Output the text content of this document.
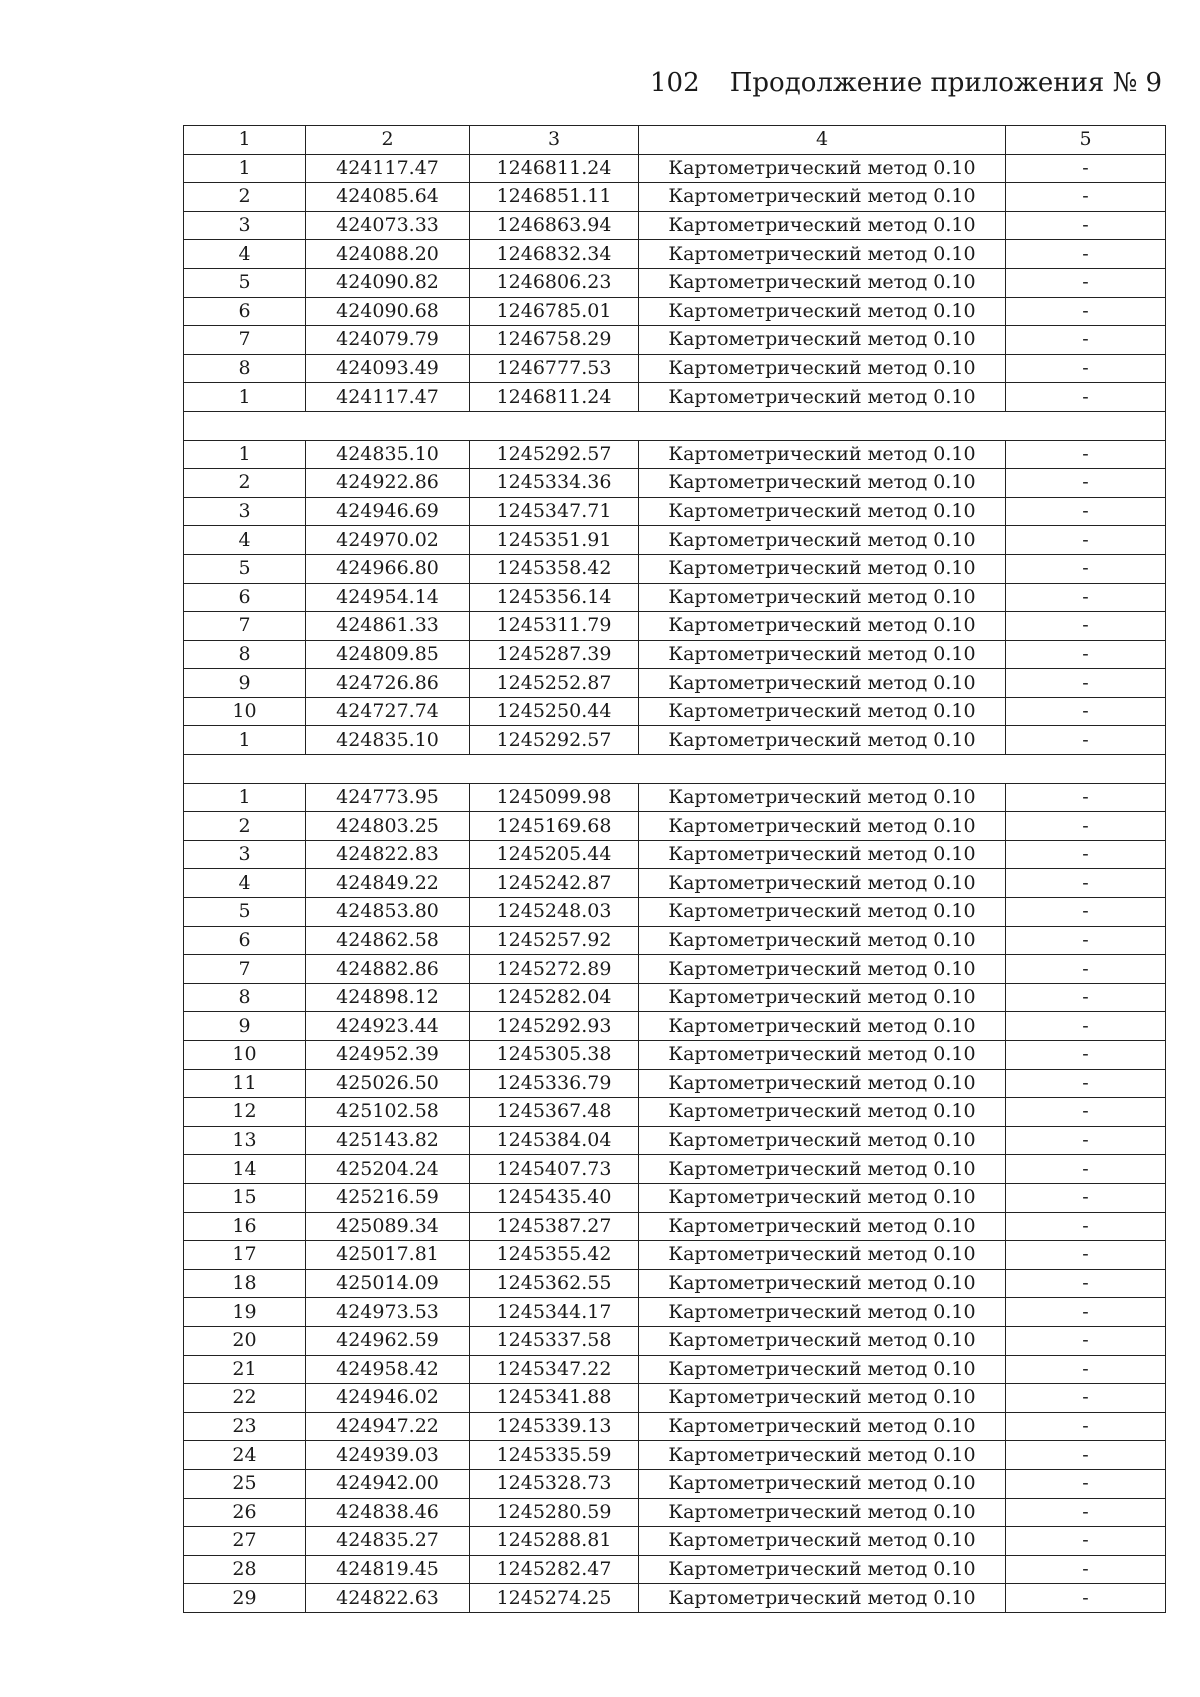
102 Продолжение приложения № 9
1	2	3	4	5
1	424117.47	1246811.24	Картометрический метод 0.10	-
2	424085.64	1246851.11	Картометрический метод 0.10	-
3	424073.33	1246863.94	Картометрический метод 0.10	-
4	424088.20	1246832.34	Картометрический метод 0.10	-
5	424090.82	1246806.23	Картометрический метод 0.10	-
6	424090.68	1246785.01	Картометрический метод 0.10	-
7	424079.79	1246758.29	Картометрический метод 0.10	-
8	424093.49	1246777.53	Картометрический метод 0.10	-
1	424117.47	1246811.24	Картометрический метод 0.10	-

1	424835.10	1245292.57	Картометрический метод 0.10	-
2	424922.86	1245334.36	Картометрический метод 0.10	-
3	424946.69	1245347.71	Картометрический метод 0.10	-
4	424970.02	1245351.91	Картометрический метод 0.10	-
5	424966.80	1245358.42	Картометрический метод 0.10	-
6	424954.14	1245356.14	Картометрический метод 0.10	-
7	424861.33	1245311.79	Картометрический метод 0.10	-
8	424809.85	1245287.39	Картометрический метод 0.10	-
9	424726.86	1245252.87	Картометрический метод 0.10	-
10	424727.74	1245250.44	Картометрический метод 0.10	-
1	424835.10	1245292.57	Картометрический метод 0.10	-

1	424773.95	1245099.98	Картометрический метод 0.10	-
2	424803.25	1245169.68	Картометрический метод 0.10	-
3	424822.83	1245205.44	Картометрический метод 0.10	-
4	424849.22	1245242.87	Картометрический метод 0.10	-
5	424853.80	1245248.03	Картометрический метод 0.10	-
6	424862.58	1245257.92	Картометрический метод 0.10	-
7	424882.86	1245272.89	Картометрический метод 0.10	-
8	424898.12	1245282.04	Картометрический метод 0.10	-
9	424923.44	1245292.93	Картометрический метод 0.10	-
10	424952.39	1245305.38	Картометрический метод 0.10	-
11	425026.50	1245336.79	Картометрический метод 0.10	-
12	425102.58	1245367.48	Картометрический метод 0.10	-
13	425143.82	1245384.04	Картометрический метод 0.10	-
14	425204.24	1245407.73	Картометрический метод 0.10	-
15	425216.59	1245435.40	Картометрический метод 0.10	-
16	425089.34	1245387.27	Картометрический метод 0.10	-
17	425017.81	1245355.42	Картометрический метод 0.10	-
18	425014.09	1245362.55	Картометрический метод 0.10	-
19	424973.53	1245344.17	Картометрический метод 0.10	-
20	424962.59	1245337.58	Картометрический метод 0.10	-
21	424958.42	1245347.22	Картометрический метод 0.10	-
22	424946.02	1245341.88	Картометрический метод 0.10	-
23	424947.22	1245339.13	Картометрический метод 0.10	-
24	424939.03	1245335.59	Картометрический метод 0.10	-
25	424942.00	1245328.73	Картометрический метод 0.10	-
26	424838.46	1245280.59	Картометрический метод 0.10	-
27	424835.27	1245288.81	Картометрический метод 0.10	-
28	424819.45	1245282.47	Картометрический метод 0.10	-
29	424822.63	1245274.25	Картометрический метод 0.10	-
